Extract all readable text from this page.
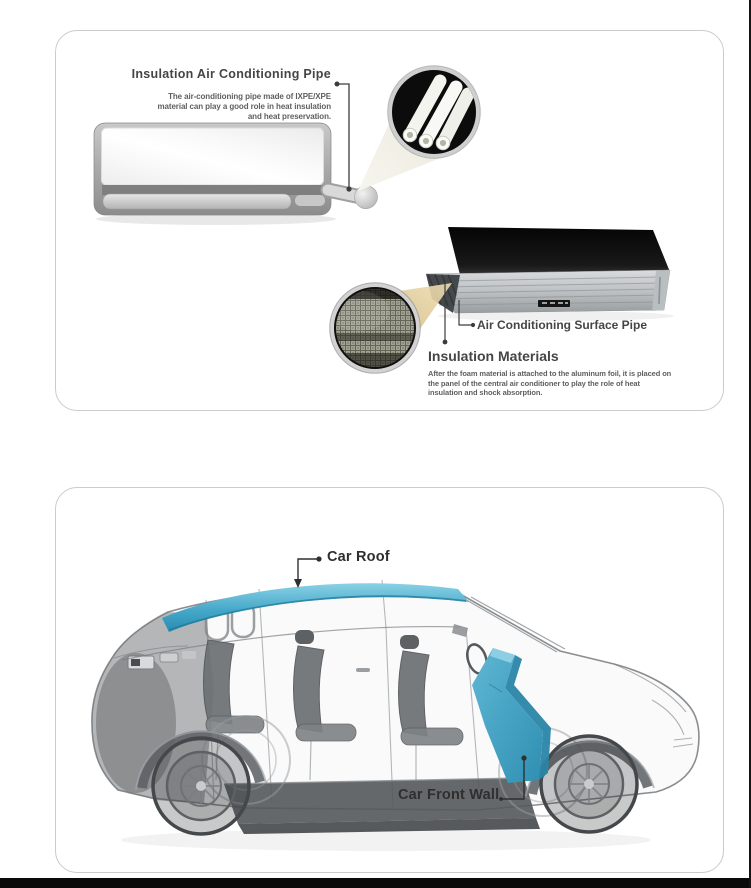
Insulation Air Conditioning Pipe
The air-conditioning pipe made of IXPE/XPE material can play a good role in heat insulation and heat preservation.
Air Conditioning Surface Pipe
Insulation Materials
After the foam material is attached to the aluminum foil, it is placed on the panel of the central air conditioner to play the role of heat insulation and shock absorption.
Car Roof
Car Front Wall
